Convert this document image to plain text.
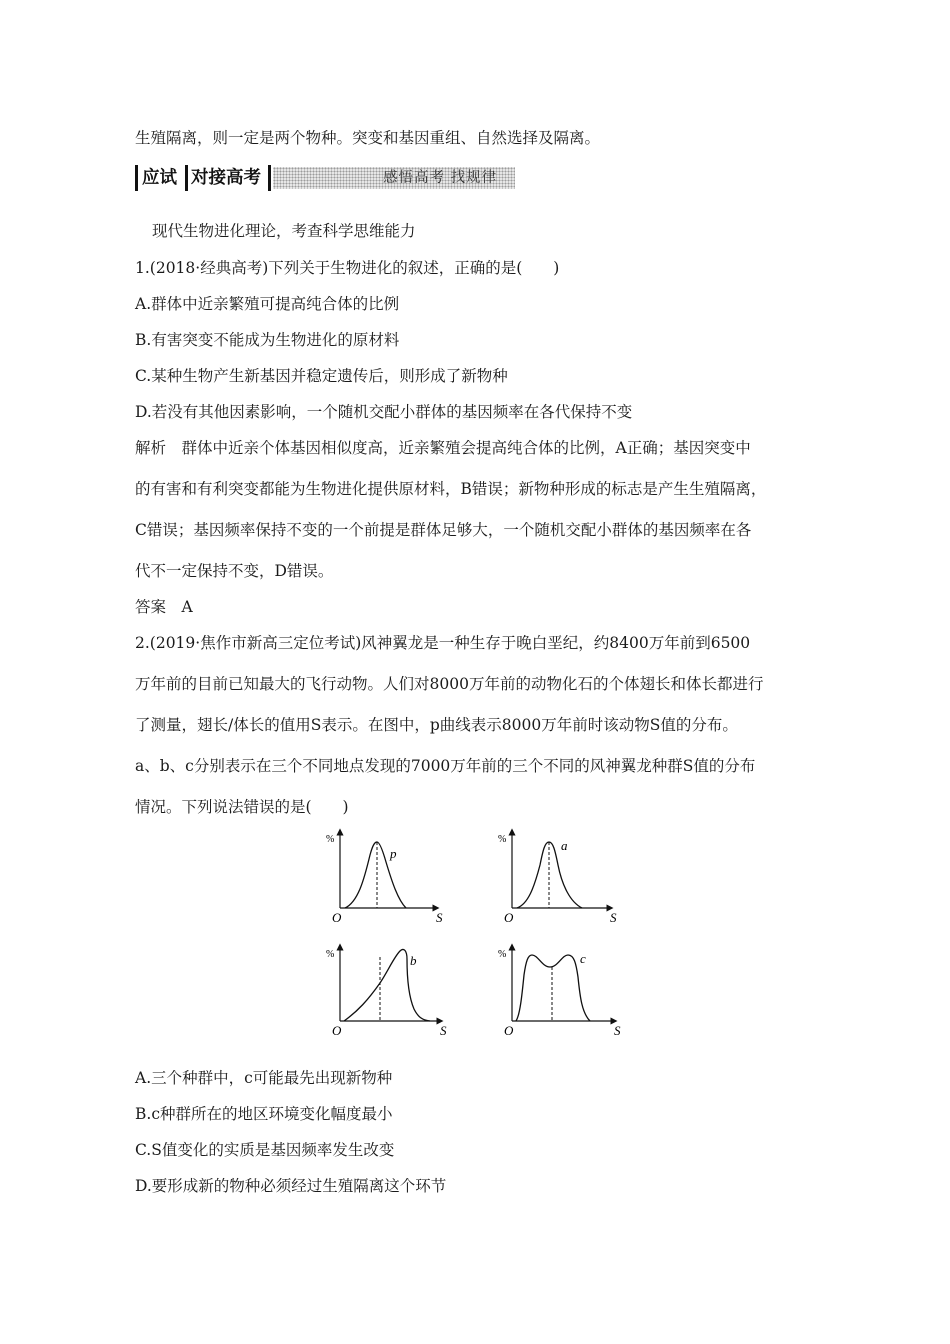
生殖隔离，则一定是两个物种。突变和基因重组、自然选择及隔离。
应试 对接高考	感悟高考 找规律
现代生物进化理论，考查科学思维能力
1.(2018·经典高考)下列关于生物进化的叙述，正确的是(　　)
A.群体中近亲繁殖可提高纯合体的比例
B.有害突变不能成为生物进化的原材料
C.某种生物产生新基因并稳定遗传后，则形成了新物种
D.若没有其他因素影响，一个随机交配小群体的基因频率在各代保持不变
解析　群体中近亲个体基因相似度高，近亲繁殖会提高纯合体的比例，A正确；基因突变中
的有害和有利突变都能为生物进化提供原材料，B错误；新物种形成的标志是产生生殖隔离，
C错误；基因频率保持不变的一个前提是群体足够大，一个随机交配小群体的基因频率在各
代不一定保持不变，D错误。
答案　A
2.(2019·焦作市新高三定位考试)风神翼龙是一种生存于晚白垩纪，约8400万年前到6500
万年前的目前已知最大的飞行动物。人们对8000万年前的动物化石的个体翅长和体长都进行
了测量，翅长/体长的值用S表示。在图中，p曲线表示8000万年前时该动物S值的分布。
a、b、c分别表示在三个不同地点发现的7000万年前的三个不同的风神翼龙种群S值的分布
情况。下列说法错误的是(　　)
%
O	S
p
%
O	S
a
%
O	S
b	%
O	S
c
A.三个种群中，c可能最先出现新物种
B.c种群所在的地区环境变化幅度最小
C.S值变化的实质是基因频率发生改变
D.要形成新的物种必须经过生殖隔离这个环节
